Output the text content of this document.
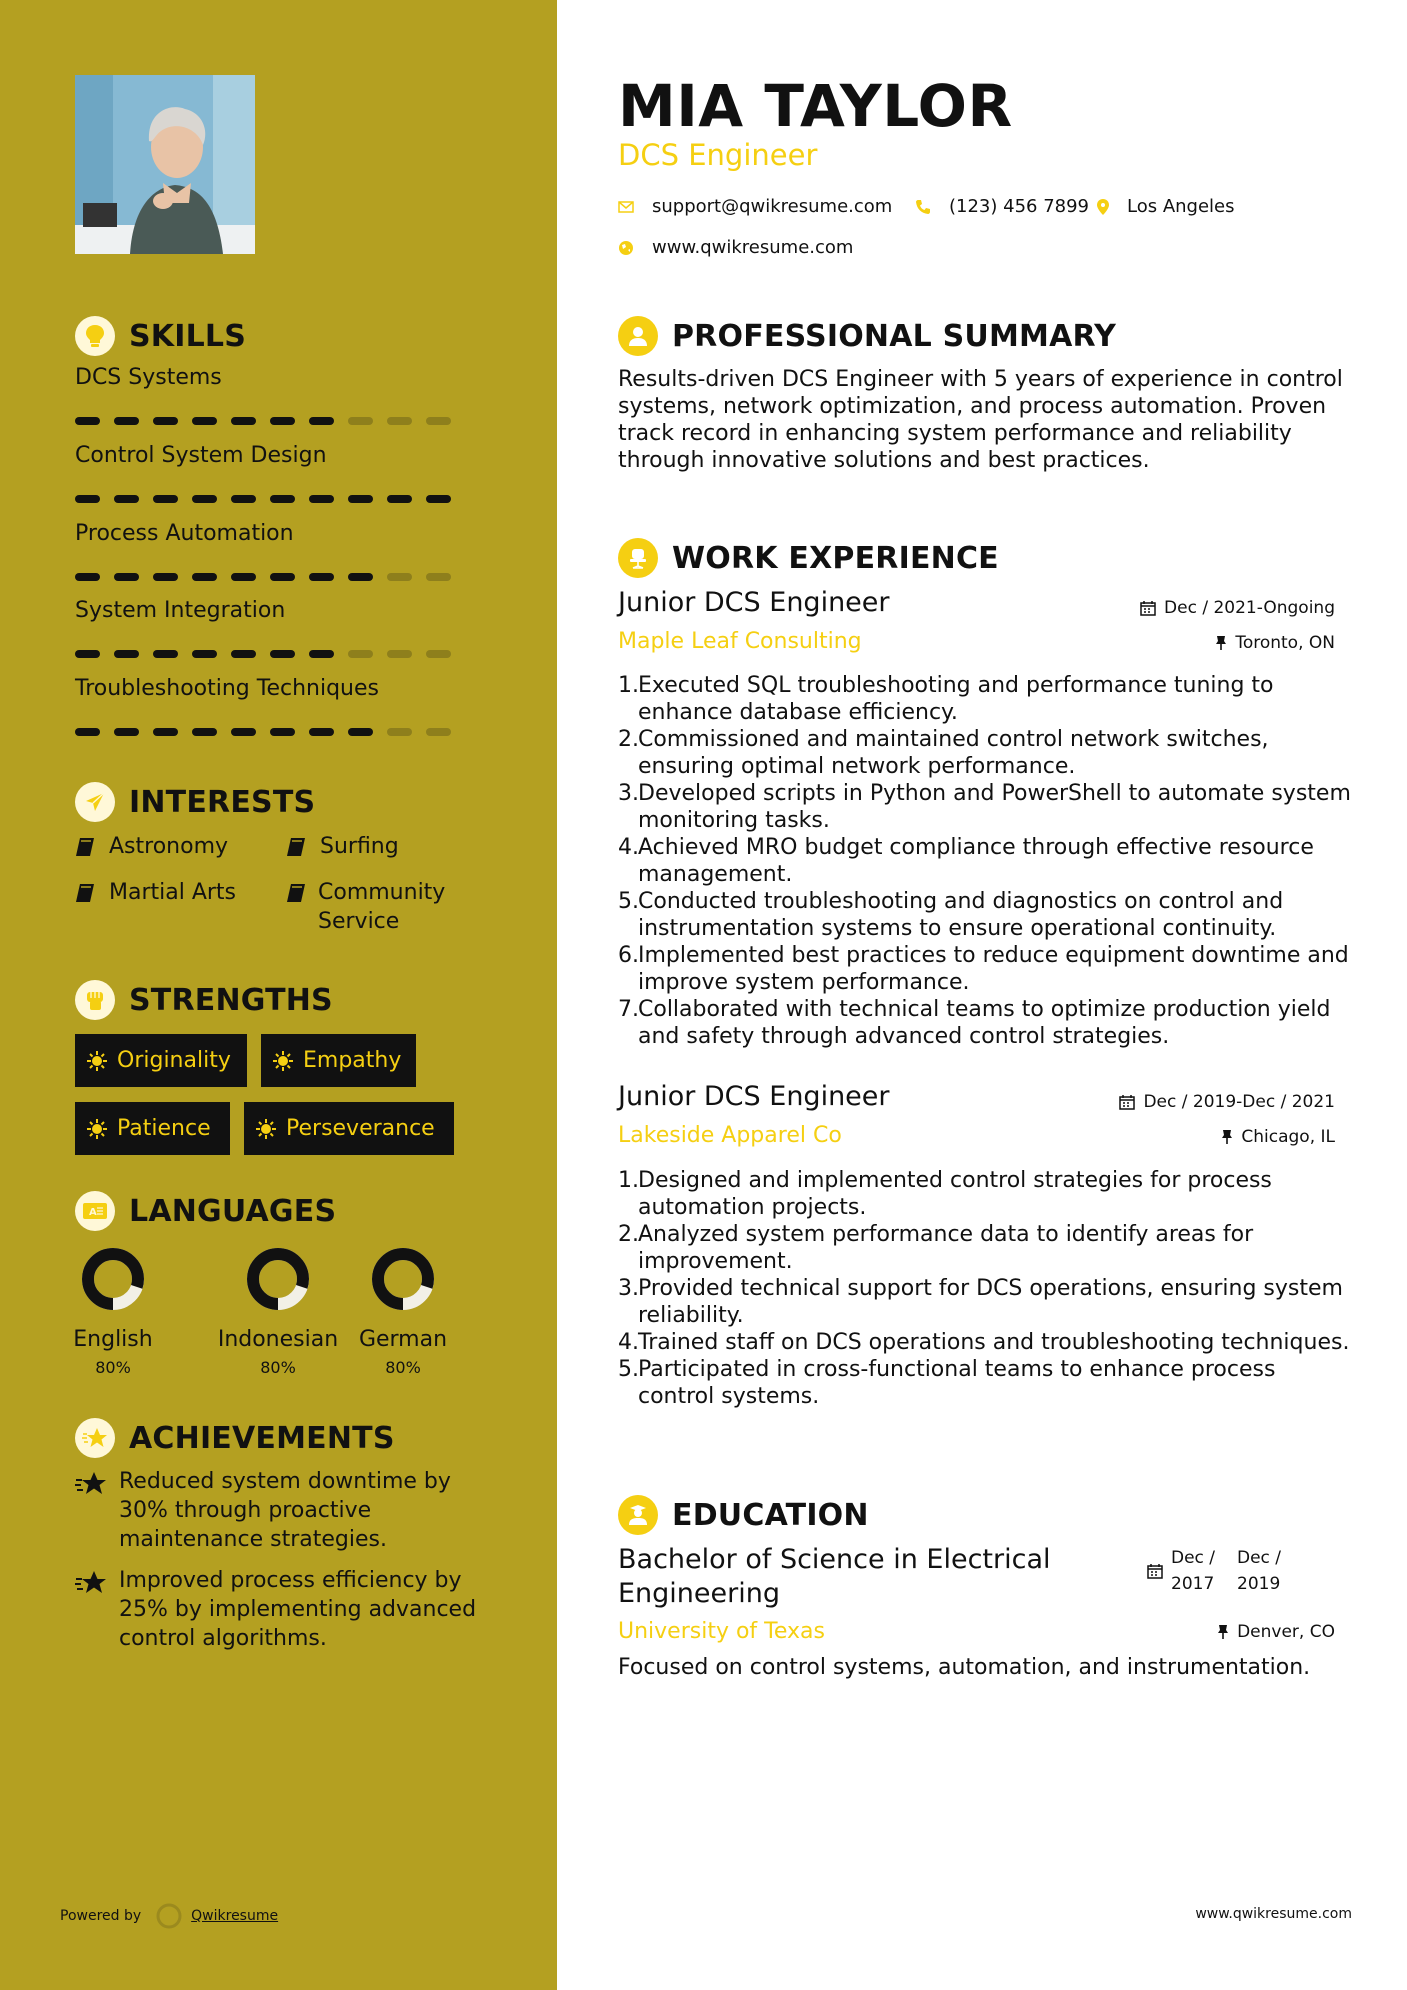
SKILLS
INTERESTS
Astronomy	Surfing
Martial Arts	Community Service
STRENGTHS
Originality	Empathy
Patience	Perseverance
A LANGUAGES
ACHIEVEMENTS
Reduced system downtime by 30% through proactive maintenance strategies.
Improved process efficiency by 25% by implementing advanced control algorithms.
Powered by	Qwikresume
DCS Systems
Control System Design
Process Automation
System Integration
Troubleshooting Techniques
English
80%
Indonesian
80%
German
80%
MIA TAYLOR
DCS Engineer
support@qwikresume.com	(123) 456 7899 Los Angeles
www.qwikresume.com
PROFESSIONAL SUMMARY
Results-driven DCS Engineer with 5 years of experience in control systems, network optimization, and process automation. Proven track record in enhancing system performance and reliability through innovative solutions and best practices.
WORK EXPERIENCE
Junior DCS Engineer	Dec / 2021-Ongoing
Maple Leaf Consulting	Toronto, ON
1. Executed SQL troubleshooting and performance tuning to enhance database efficiency.
2. Commissioned and maintained control network switches, ensuring optimal network performance.
3. Developed scripts in Python and PowerShell to automate system monitoring tasks.
4. Achieved MRO budget compliance through effective resource management.
5. Conducted troubleshooting and diagnostics on control and instrumentation systems to ensure operational continuity.
6. Implemented best practices to reduce equipment downtime and improve system performance.
7. Collaborated with technical teams to optimize production yield and safety through advanced control strategies.
Junior DCS Engineer	Dec / 2019-Dec / 2021
Lakeside Apparel Co	Chicago, IL
1. Designed and implemented control strategies for process automation projects.
2. Analyzed system performance data to identify areas for improvement.
3. Provided technical support for DCS operations, ensuring system reliability.
4. Trained staff on DCS operations and troubleshooting techniques.
5. Participated in cross-functional teams to enhance process control systems.
EDUCATION
Bachelor of Science in Electrical Engineering
Dec / 2017
Dec / 2019
University of Texas	Denver, CO
Focused on control systems, automation, and instrumentation.
www.qwikresume.com
